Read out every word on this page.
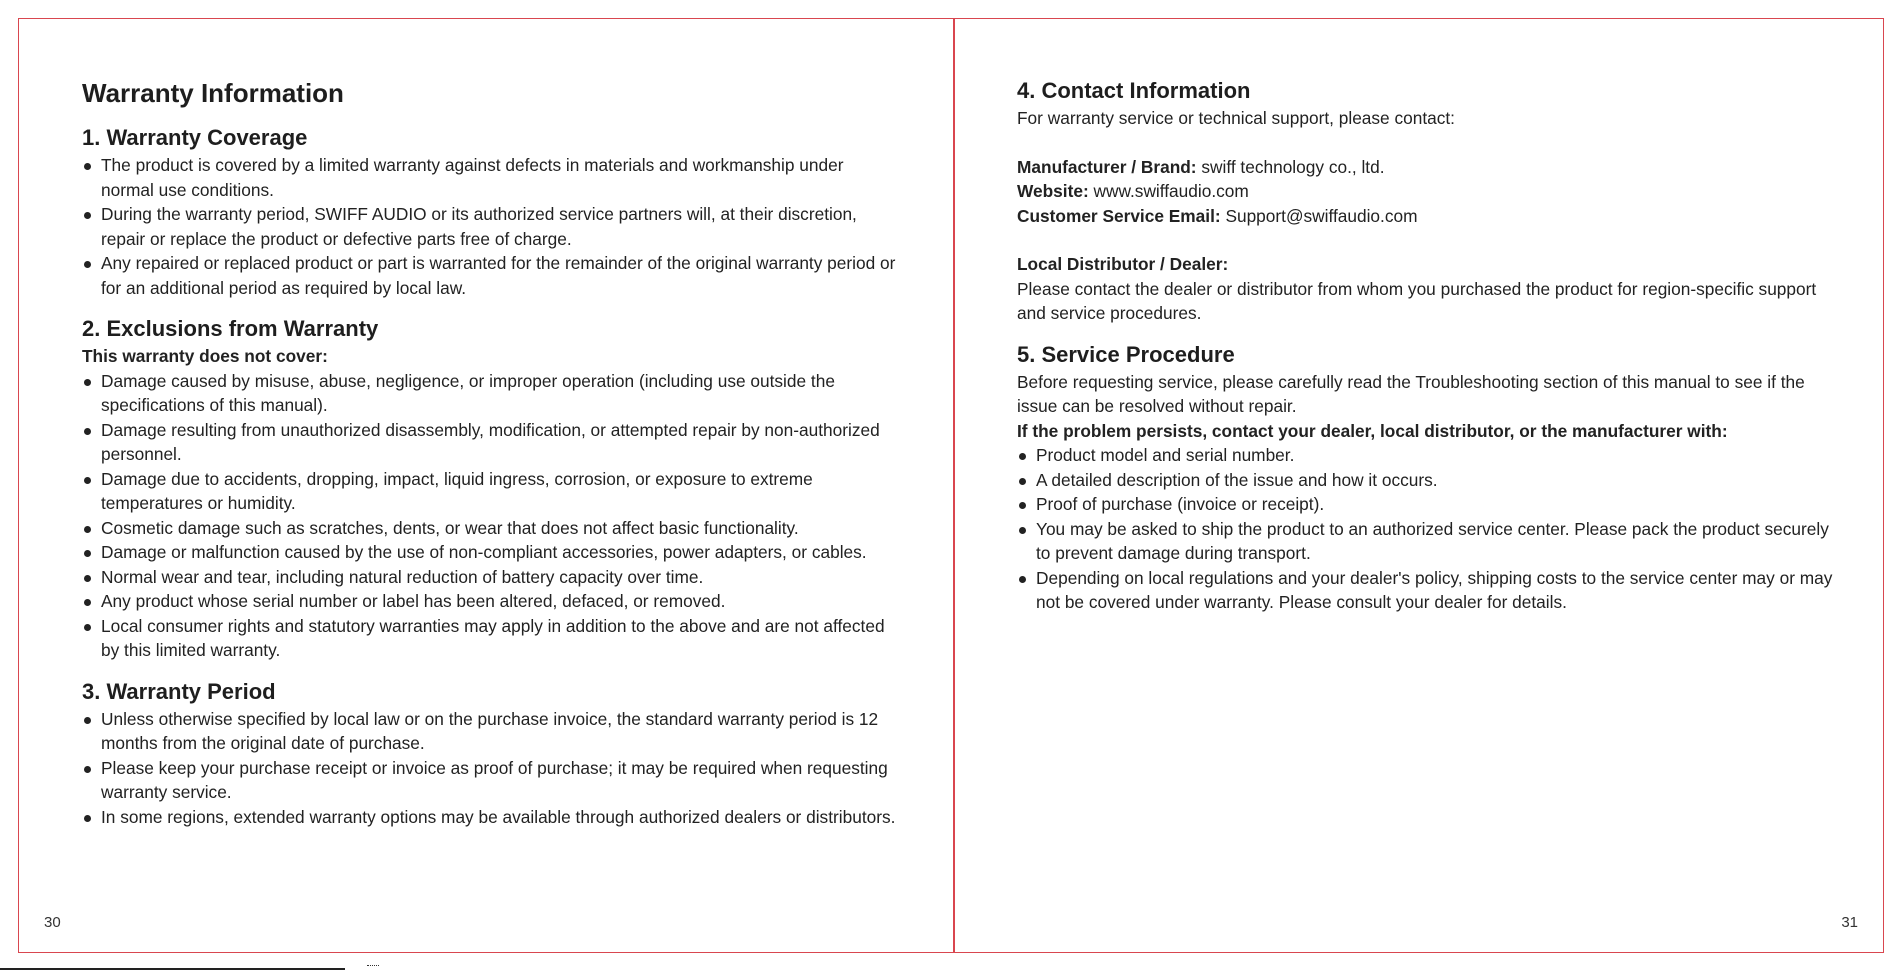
Warranty Information
1. Warranty Coverage
The product is covered by a limited warranty against defects in materials and workmanship under normal use conditions.
During the warranty period, SWIFF AUDIO or its authorized service partners will, at their discretion, repair or replace the product or defective parts free of charge.
Any repaired or replaced product or part is warranted for the remainder of the original warranty period or for an additional period as required by local law.
2. Exclusions from Warranty

This warranty does not cover:

Damage caused by misuse, abuse, negligence, or improper operation (including use outside the specifications of this manual).
Damage resulting from unauthorized disassembly, modification, or attempted repair by non-authorized personnel.
Damage due to accidents, dropping, impact, liquid ingress, corrosion, or exposure to extreme temperatures or humidity.
Cosmetic damage such as scratches, dents, or wear that does not affect basic functionality.
Damage or malfunction caused by the use of non-compliant accessories, power adapters, or cables.
Normal wear and tear, including natural reduction of battery capacity over time.
Any product whose serial number or label has been altered, defaced, or removed.
Local consumer rights and statutory warranties may apply in addition to the above and are not affected by this limited warranty.
3. Warranty Period
Unless otherwise specified by local law or on the purchase invoice, the standard warranty period is 12 months from the original date of purchase.
Please keep your purchase receipt or invoice as proof of purchase; it may be required when requesting warranty service.
In some regions, extended warranty options may be available through authorized dealers or distributors.
30
4. Contact Information

For warranty service or technical support, please contact:

Manufacturer / Brand: swiff technology co., ltd.

Website: www.swiffaudio.com

Customer Service Email: Support@swiffaudio.com

Local Distributor / Dealer:

Please contact the dealer or distributor from whom you purchased the product for region-specific support and service procedures.

5. Service Procedure

Before requesting service, please carefully read the Troubleshooting section of this manual to see if the issue can be resolved without repair.

If the problem persists, contact your dealer, local distributor, or the manufacturer with:

Product model and serial number.
A detailed description of the issue and how it occurs.
Proof of purchase (invoice or receipt).
You may be asked to ship the product to an authorized service center. Please pack the product securely to prevent damage during transport.
Depending on local regulations and your dealer's policy, shipping costs to the service center may or may not be covered under warranty. Please consult your dealer for details.
31
